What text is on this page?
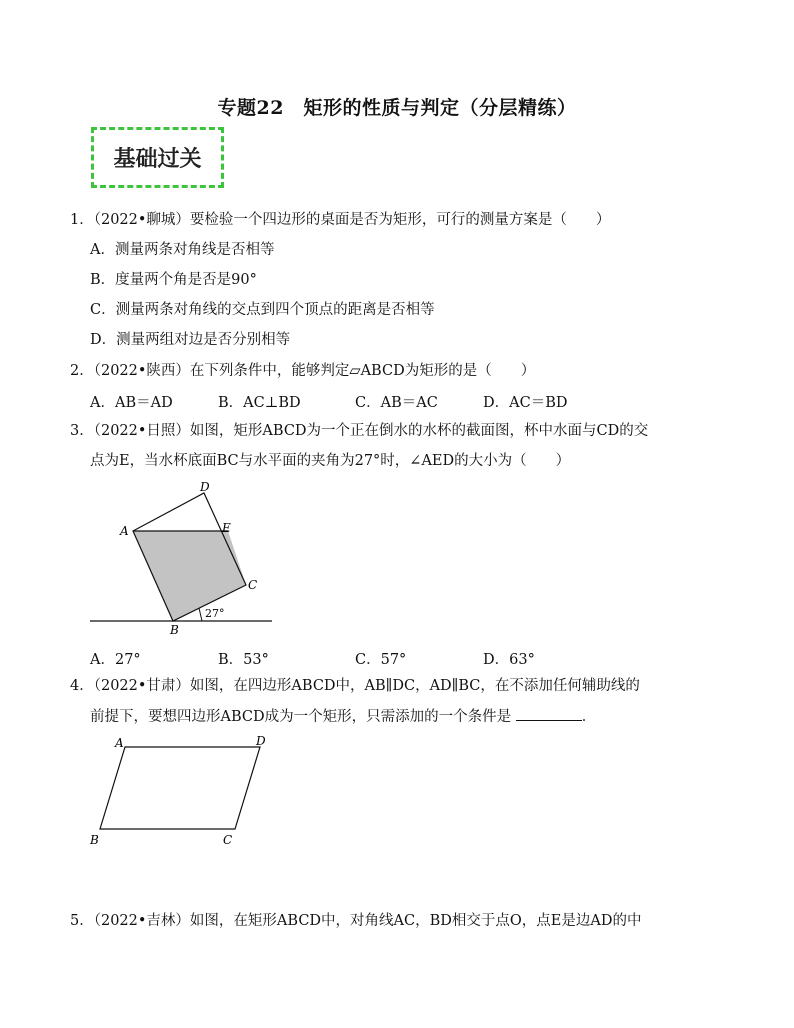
专题22　矩形的性质与判定（分层精练）
基础过关
1．（2022•聊城）要检验一个四边形的桌面是否为矩形，可行的测量方案是（　　）
A．测量两条对角线是否相等
B．度量两个角是否是90°
C．测量两条对角线的交点到四个顶点的距离是否相等
D．测量两组对边是否分别相等
2．（2022•陕西）在下列条件中，能够判定▱ABCD为矩形的是（　　）
A．AB＝AD	B．AC⊥BD	C．AB＝AC	D．AC＝BD
3．（2022•日照）如图，矩形ABCD为一个正在倒水的水杯的截面图，杯中水面与CD的交
点为E，当水杯底面BC与水平面的夹角为27°时，∠AED的大小为（　　）
A
D
E
C
B
27°
A．27°	B．53°	C．57°	D．63°
4．（2022•甘肃）如图，在四边形ABCD中，AB∥DC，AD∥BC，在不添加任何辅助线的
前提下，要想四边形ABCD成为一个矩形，只需添加的一个条件是	．
A	D
B	C
5．（2022•吉林）如图，在矩形ABCD中，对角线AC，BD相交于点O，点E是边AD的中
